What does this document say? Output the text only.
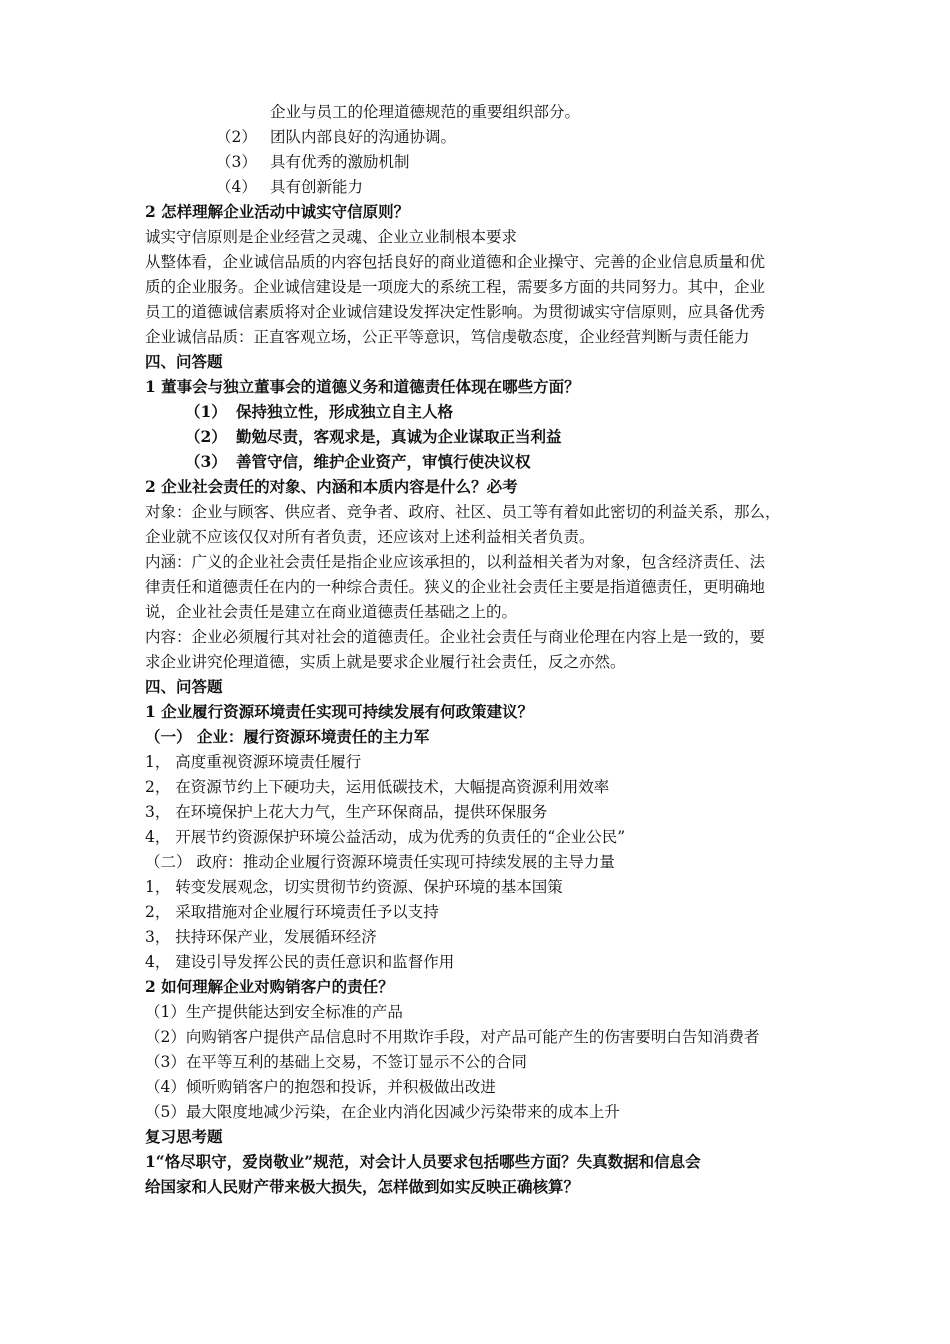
企业与员工的伦理道德规范的重要组织部分。
（2） 团队内部良好的沟通协调。
（3） 具有优秀的激励机制
（4） 具有创新能力
2 怎样理解企业活动中诚实守信原则？
诚实守信原则是企业经营之灵魂、企业立业制根本要求
从整体看，企业诚信品质的内容包括良好的商业道德和企业操守、完善的企业信息质量和优
质的企业服务。企业诚信建设是一项庞大的系统工程，需要多方面的共同努力。其中，企业
员工的道德诚信素质将对企业诚信建设发挥决定性影响。为贯彻诚实守信原则，应具备优秀
企业诚信品质：正直客观立场，公正平等意识，笃信虔敬态度，企业经营判断与责任能力
四、问答题
1 董事会与独立董事会的道德义务和道德责任体现在哪些方面？
（1） 保持独立性，形成独立自主人格
（2） 勤勉尽责，客观求是，真诚为企业谋取正当利益
（3） 善管守信，维护企业资产，审慎行使决议权
2 企业社会责任的对象、内涵和本质内容是什么？必考
对象：企业与顾客、供应者、竞争者、政府、社区、员工等有着如此密切的利益关系，那么，
企业就不应该仅仅对所有者负责，还应该对上述利益相关者负责。
内涵：广义的企业社会责任是指企业应该承担的，以利益相关者为对象，包含经济责任、法
律责任和道德责任在内的一种综合责任。狭义的企业社会责任主要是指道德责任，更明确地
说，企业社会责任是建立在商业道德责任基础之上的。
内容：企业必须履行其对社会的道德责任。企业社会责任与商业伦理在内容上是一致的，要
求企业讲究伦理道德，实质上就是要求企业履行社会责任，反之亦然。
四、问答题
1 企业履行资源环境责任实现可持续发展有何政策建议？
（一） 企业：履行资源环境责任的主力军
1， 高度重视资源环境责任履行
2， 在资源节约上下硬功夫，运用低碳技术，大幅提高资源利用效率
3， 在环境保护上花大力气，生产环保商品，提供环保服务
4， 开展节约资源保护环境公益活动，成为优秀的负责任的“企业公民”
（二） 政府：推动企业履行资源环境责任实现可持续发展的主导力量
1， 转变发展观念，切实贯彻节约资源、保护环境的基本国策
2， 采取措施对企业履行环境责任予以支持
3， 扶持环保产业，发展循环经济
4， 建设引导发挥公民的责任意识和监督作用
2 如何理解企业对购销客户的责任？
（1）生产提供能达到安全标准的产品
（2）向购销客户提供产品信息时不用欺诈手段，对产品可能产生的伤害要明白告知消费者
（3）在平等互利的基础上交易，不签订显示不公的合同
（4）倾听购销客户的抱怨和投诉，并积极做出改进
（5）最大限度地减少污染，在企业内消化因减少污染带来的成本上升
复习思考题
1“恪尽职守，爱岗敬业”规范，对会计人员要求包括哪些方面？失真数据和信息会
给国家和人民财产带来极大损失，怎样做到如实反映正确核算？
